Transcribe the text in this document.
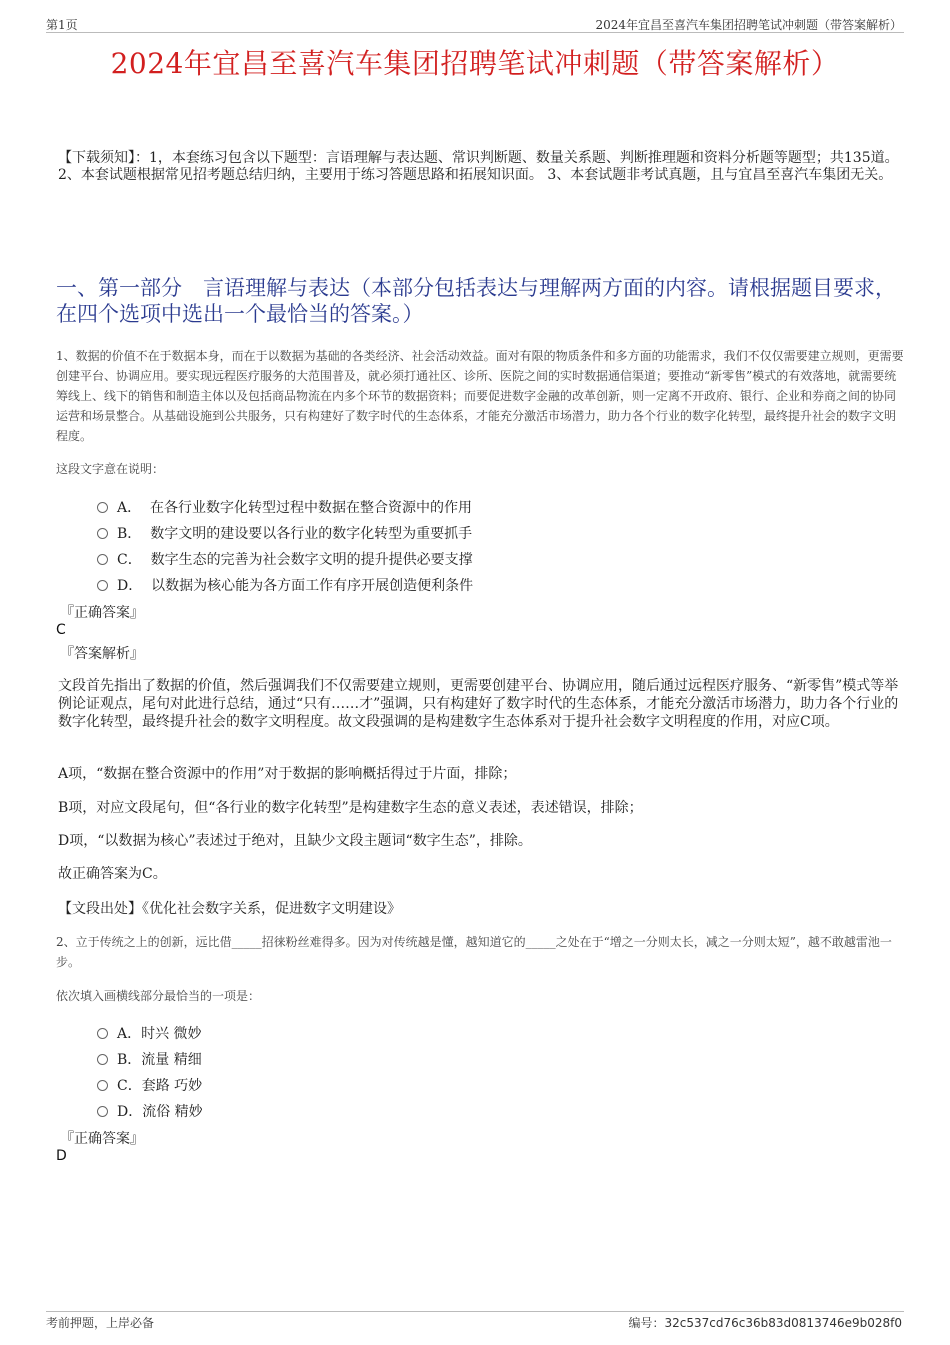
第1页	2024年宜昌至喜汽车集团招聘笔试冲刺题（带答案解析）
2024年宜昌至喜汽车集团招聘笔试冲刺题（带答案解析）
【下载须知】：1，本套练习包含以下题型：言语理解与表达题、常识判断题、数量关系题、判断推理题和资料分析题等题型；共135道。 2、本套试题根据常见招考题总结归纳，主要用于练习答题思路和拓展知识面。 3、本套试题非考试真题，且与宜昌至喜汽车集团无关。
一、第一部分　言语理解与表达（本部分包括表达与理解两方面的内容。请根据题目要求，在四个选项中选出一个最恰当的答案。）
1、数据的价值不在于数据本身，而在于以数据为基础的各类经济、社会活动效益。面对有限的物质条件和多方面的功能需求，我们不仅仅需要建立规则，更需要创建平台、协调应用。要实现远程医疗服务的大范围普及，就必须打通社区、诊所、医院之间的实时数据通信渠道；要推动“新零售”模式的有效落地，就需要统筹线上、线下的销售和制造主体以及包括商品物流在内多个环节的数据资料；而要促进数字金融的改革创新，则一定离不开政府、银行、企业和券商之间的协同运营和场景整合。从基础设施到公共服务，只有构建好了数字时代的生态体系，才能充分激活市场潜力，助力各个行业的数字化转型，最终提升社会的数字文明程度。
这段文字意在说明：
A．  在各行业数字化转型过程中数据在整合资源中的作用
B．  数字文明的建设要以各行业的数字化转型为重要抓手
C．  数字生态的完善为社会数字文明的提升提供必要支撑
D．  以数据为核心能为各方面工作有序开展创造便利条件
『正确答案』
C
『答案解析』
文段首先指出了数据的价值，然后强调我们不仅需要建立规则，更需要创建平台、协调应用，随后通过远程医疗服务、“新零售”模式等举例论证观点，尾句对此进行总结，通过“只有……才”强调，只有构建好了数字时代的生态体系，才能充分激活市场潜力，助力各个行业的数字化转型，最终提升社会的数字文明程度。故文段强调的是构建数字生态体系对于提升社会数字文明程度的作用，对应C项。
A项，“数据在整合资源中的作用”对于数据的影响概括得过于片面，排除；
B项，对应文段尾句，但“各行业的数字化转型”是构建数字生态的意义表述，表述错误，排除；
D项，“以数据为核心”表述过于绝对，且缺少文段主题词“数字生态”，排除。
故正确答案为C。
【文段出处】《优化社会数字关系，促进数字文明建设》
2、立于传统之上的创新，远比借_____招徕粉丝难得多。因为对传统越是懂，越知道它的_____之处在于“增之一分则太长，减之一分则太短”，越不敢越雷池一步。
依次填入画横线部分最恰当的一项是：
A．时兴 微妙
B．流量 精细
C．套路 巧妙
D．流俗 精妙
『正确答案』
D
考前押题，上岸必备	编号：32c537cd76c36b83d0813746e9b028f0
